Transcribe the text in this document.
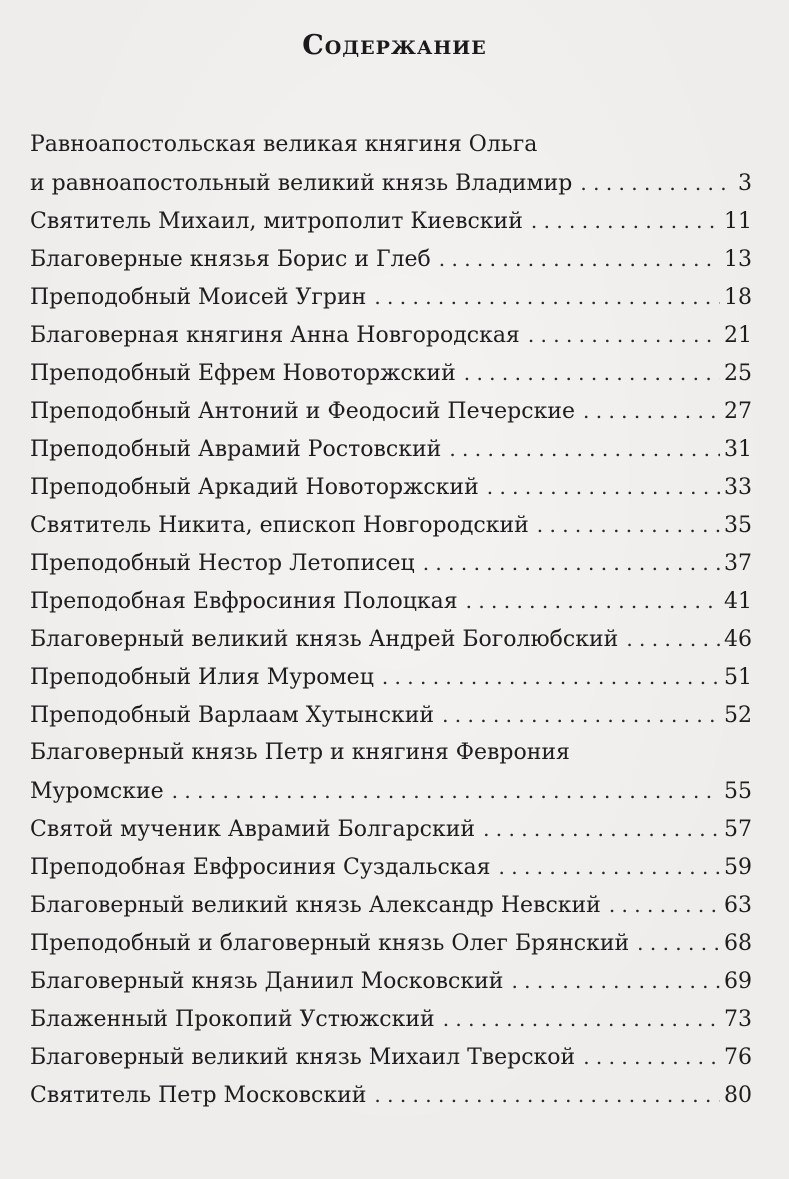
Содержание
Равноапостольская великая княгиня Ольга
и равноапостольный великий князь Владимир . . .	3
Святитель Михаил, митрополит Киевский . . .	11
Благоверные князья Борис и Глеб . . .	13
Преподобный Моисей Угрин . . .	18
Благоверная княгиня Анна Новгородская . . .	21
Преподобный Ефрем Новоторжский . . .	25
Преподобный Антоний и Феодосий Печерские . . .	27
Преподобный Аврамий Ростовский . . .	31
Преподобный Аркадий Новоторжский . . .	33
Святитель Никита, епископ Новгородский . . .	35
Преподобный Нестор Летописец . . .	37
Преподобная Евфросиния Полоцкая . . .	41
Благоверный великий князь Андрей Боголюбский . . .	46
Преподобный Илия Муромец . . .	51
Преподобный Варлаам Хутынский . . .	52
Благоверный князь Петр и княгиня Феврония
Муромские . . .	55
Святой мученик Аврамий Болгарский . . .	57
Преподобная Евфросиния Суздальская . . .	59
Благоверный великий князь Александр Невский . . .	63
Преподобный и благоверный князь Олег Брянский . . .	68
Благоверный князь Даниил Московский . . .	69
Блаженный Прокопий Устюжский . . .	73
Благоверный великий князь Михаил Тверской . . .	76
Святитель Петр Московский . . .	80
